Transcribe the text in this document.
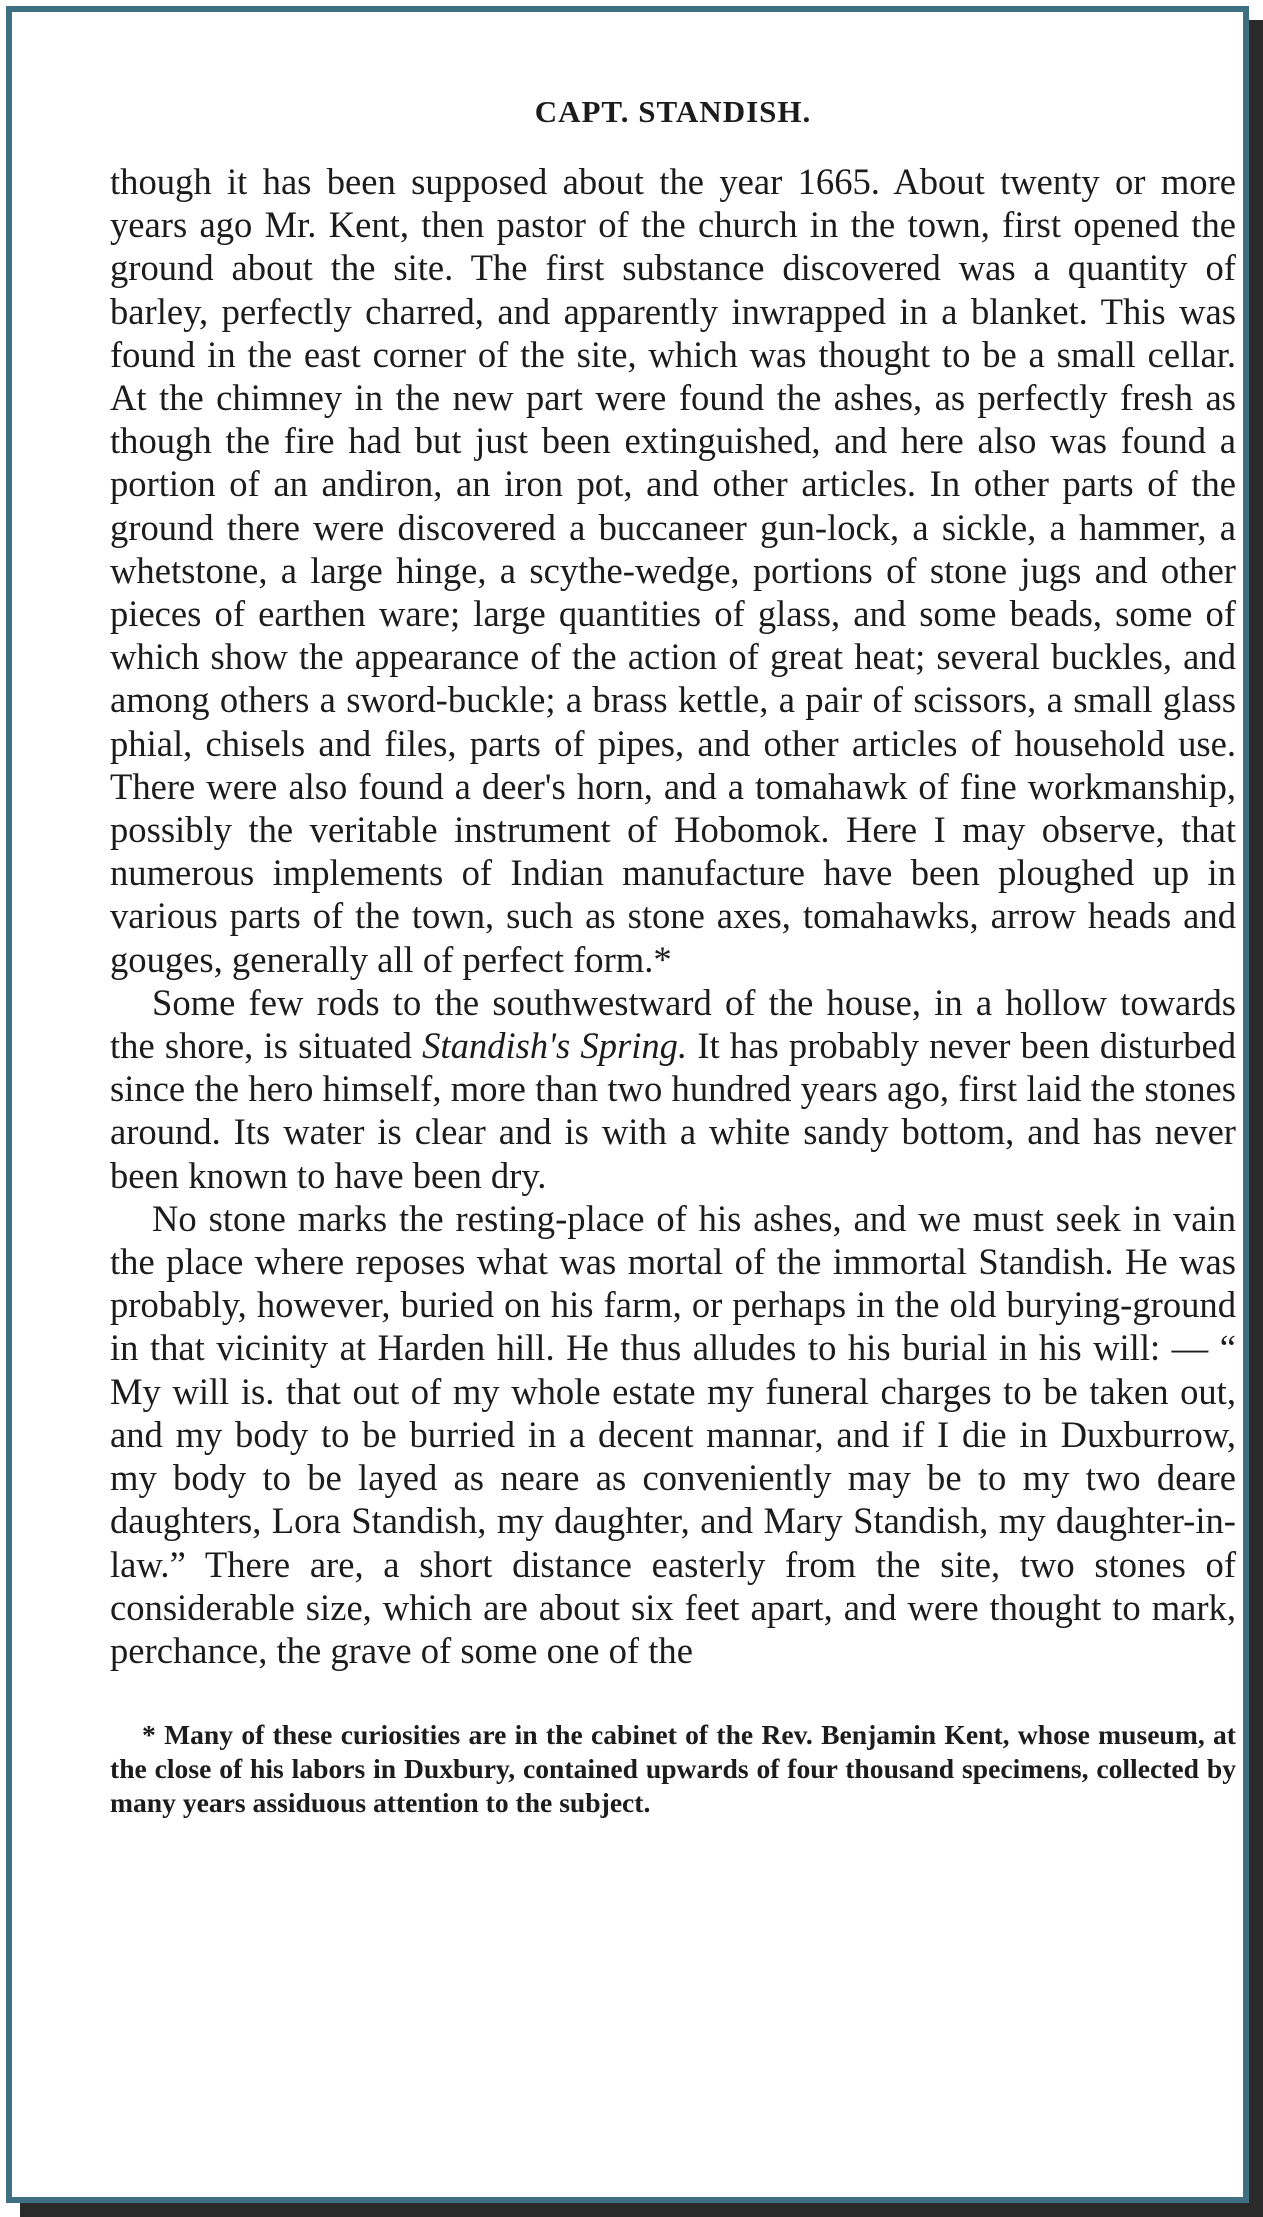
CAPT. STANDISH.

though it has been supposed about the year 1665. About twenty or more years ago Mr. Kent, then pastor of the church in the town, first opened the ground about the site. The first substance discovered was a quantity of barley, perfectly charred, and apparently inwrapped in a blanket. This was found in the east corner of the site, which was thought to be a small cellar. At the chimney in the new part were found the ashes, as perfectly fresh as though the fire had but just been extinguished, and here also was found a portion of an andiron, an iron pot, and other articles. In other parts of the ground there were discovered a buccaneer gun-lock, a sickle, a hammer, a whetstone, a large hinge, a scythe-wedge, portions of stone jugs and other pieces of earthen ware; large quantities of glass, and some beads, some of which show the appearance of the action of great heat; several buckles, and among others a sword-buckle; a brass kettle, a pair of scissors, a small glass phial, chisels and files, parts of pipes, and other articles of household use. There were also found a deer's horn, and a tomahawk of fine workmanship, possibly the veritable instrument of Hobomok. Here I may observe, that numerous implements of Indian manufacture have been ploughed up in various parts of the town, such as stone axes, tomahawks, arrow heads and gouges, generally all of perfect form.*

Some few rods to the southwestward of the house, in a hollow towards the shore, is situated Standish's Spring. It has probably never been disturbed since the hero himself, more than two hundred years ago, first laid the stones around. Its water is clear and is with a white sandy bottom, and has never been known to have been dry.

No stone marks the resting-place of his ashes, and we must seek in vain the place where reposes what was mortal of the immortal Standish. He was probably, however, buried on his farm, or perhaps in the old burying-ground in that vicinity at Harden hill. He thus alludes to his burial in his will: — “ My will is. that out of my whole estate my funeral charges to be taken out, and my body to be burried in a decent mannar, and if I die in Duxburrow, my body to be layed as neare as conveniently may be to my two deare daughters, Lora Standish, my daughter, and Mary Standish, my daughter-in-law.” There are, a short distance easterly from the site, two stones of considerable size, which are about six feet apart, and were thought to mark, perchance, the grave of some one of the

* Many of these curiosities are in the cabinet of the Rev. Benjamin Kent, whose museum, at the close of his labors in Duxbury, contained upwards of four thousand specimens, collected by many years assiduous attention to the subject.
